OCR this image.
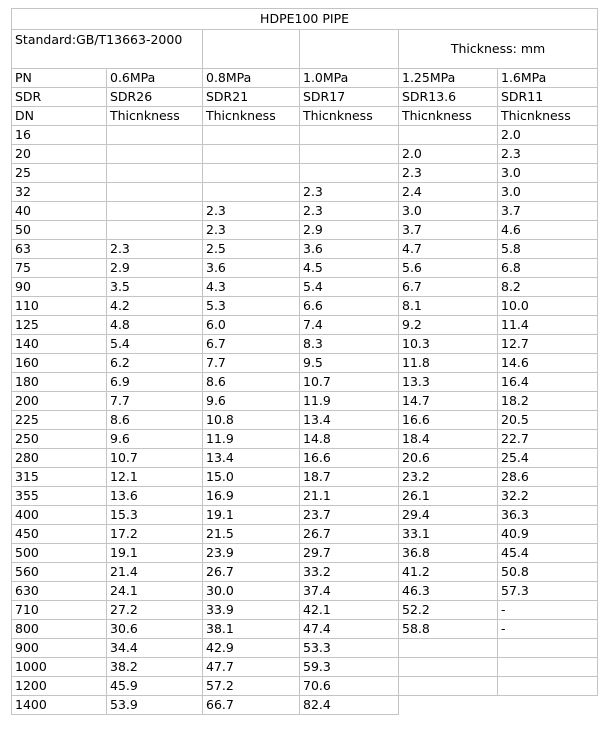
HDPE100 PIPE					
Standard:GB/T13663-2000				Thickness: mm	
PN	0.6MPa	0.8MPa	1.0MPa	1.25MPa	1.6MPa
SDR	SDR26	SDR21	SDR17	SDR13.6	SDR11
DN	Thicnkness	Thicnkness	Thicnkness	Thicnkness	Thicnkness
16					2.0
20				2.0	2.3
25				2.3	3.0
32			2.3	2.4	3.0
40		2.3	2.3	3.0	3.7
50		2.3	2.9	3.7	4.6
63	2.3	2.5	3.6	4.7	5.8
75	2.9	3.6	4.5	5.6	6.8
90	3.5	4.3	5.4	6.7	8.2
110	4.2	5.3	6.6	8.1	10.0
125	4.8	6.0	7.4	9.2	11.4
140	5.4	6.7	8.3	10.3	12.7
160	6.2	7.7	9.5	11.8	14.6
180	6.9	8.6	10.7	13.3	16.4
200	7.7	9.6	11.9	14.7	18.2
225	8.6	10.8	13.4	16.6	20.5
250	9.6	11.9	14.8	18.4	22.7
280	10.7	13.4	16.6	20.6	25.4
315	12.1	15.0	18.7	23.2	28.6
355	13.6	16.9	21.1	26.1	32.2
400	15.3	19.1	23.7	29.4	36.3
450	17.2	21.5	26.7	33.1	40.9
500	19.1	23.9	29.7	36.8	45.4
560	21.4	26.7	33.2	41.2	50.8
630	24.1	30.0	37.4	46.3	57.3
710	27.2	33.9	42.1	52.2	-
800	30.6	38.1	47.4	58.8	-
900	34.4	42.9	53.3		
1000	38.2	47.7	59.3		
1200	45.9	57.2	70.6		
1400	53.9	66.7	82.4		
